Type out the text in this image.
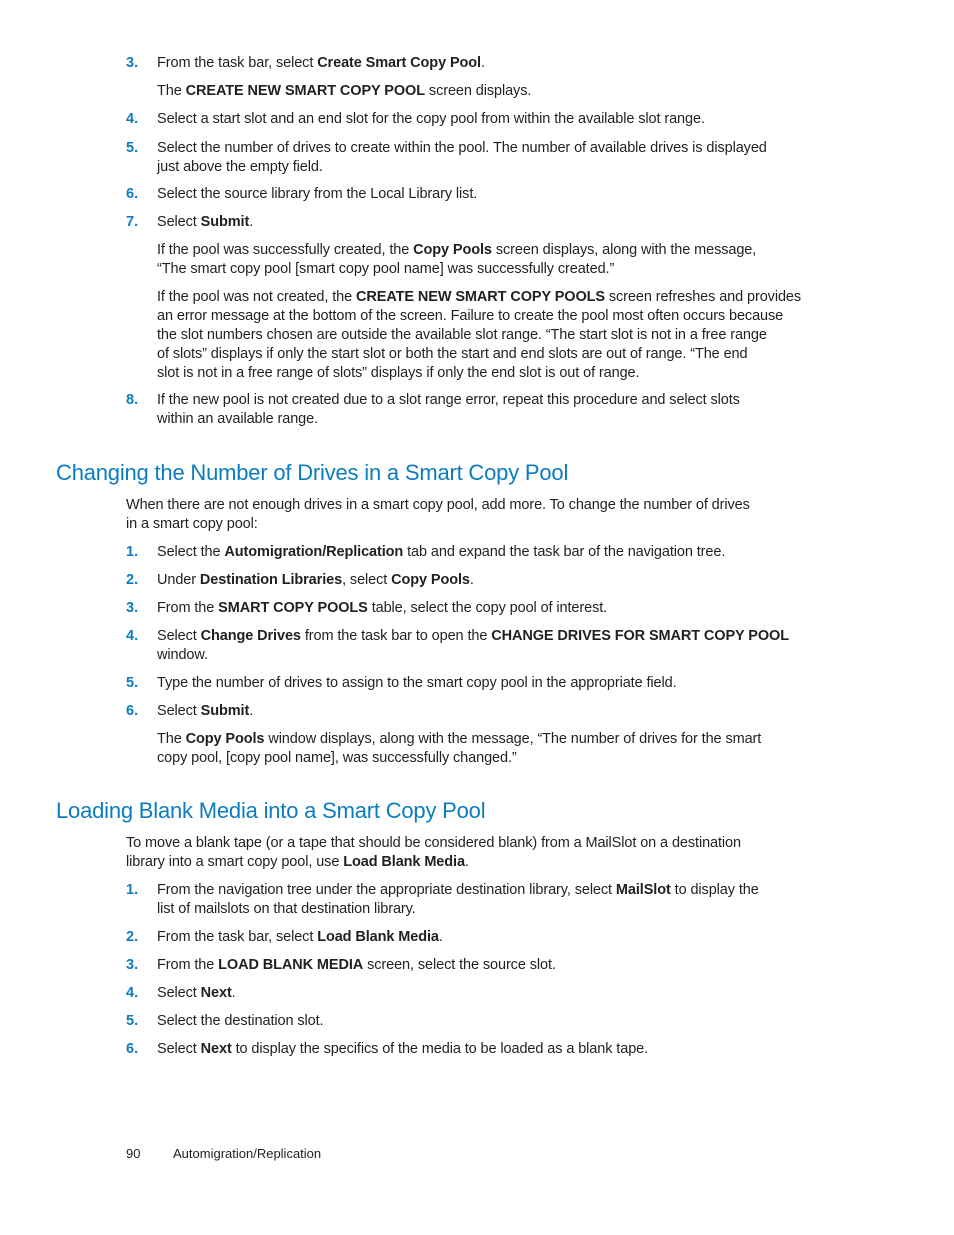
3. From the task bar, select Create Smart Copy Pool.
The CREATE NEW SMART COPY POOL screen displays.
4. Select a start slot and an end slot for the copy pool from within the available slot range.
5. Select the number of drives to create within the pool. The number of available drives is displayed
just above the empty field.
6. Select the source library from the Local Library list.
7. Select Submit.
If the pool was successfully created, the Copy Pools screen displays, along with the message,
“The smart copy pool [smart copy pool name] was successfully created.”
If the pool was not created, the CREATE NEW SMART COPY POOLS screen refreshes and provides
an error message at the bottom of the screen. Failure to create the pool most often occurs because
the slot numbers chosen are outside the available slot range. “The start slot is not in a free range
of slots” displays if only the start slot or both the start and end slots are out of range. “The end
slot is not in a free range of slots” displays if only the end slot is out of range.
8. If the new pool is not created due to a slot range error, repeat this procedure and select slots
within an available range.
Changing the Number of Drives in a Smart Copy Pool
When there are not enough drives in a smart copy pool, add more. To change the number of drives
in a smart copy pool:
1. Select the Automigration/Replication tab and expand the task bar of the navigation tree.
2. Under Destination Libraries, select Copy Pools.
3. From the SMART COPY POOLS table, select the copy pool of interest.
4. Select Change Drives from the task bar to open the CHANGE DRIVES FOR SMART COPY POOL
window.
5. Type the number of drives to assign to the smart copy pool in the appropriate field.
6. Select Submit.
The Copy Pools window displays, along with the message, “The number of drives for the smart
copy pool, [copy pool name], was successfully changed.”
Loading Blank Media into a Smart Copy Pool
To move a blank tape (or a tape that should be considered blank) from a MailSlot on a destination
library into a smart copy pool, use Load Blank Media.
1. From the navigation tree under the appropriate destination library, select MailSlot to display the
list of mailslots on that destination library.
2. From the task bar, select Load Blank Media.
3. From the LOAD BLANK MEDIA screen, select the source slot.
4. Select Next.
5. Select the destination slot.
6. Select Next to display the specifics of the media to be loaded as a blank tape.
90	Automigration/Replication
